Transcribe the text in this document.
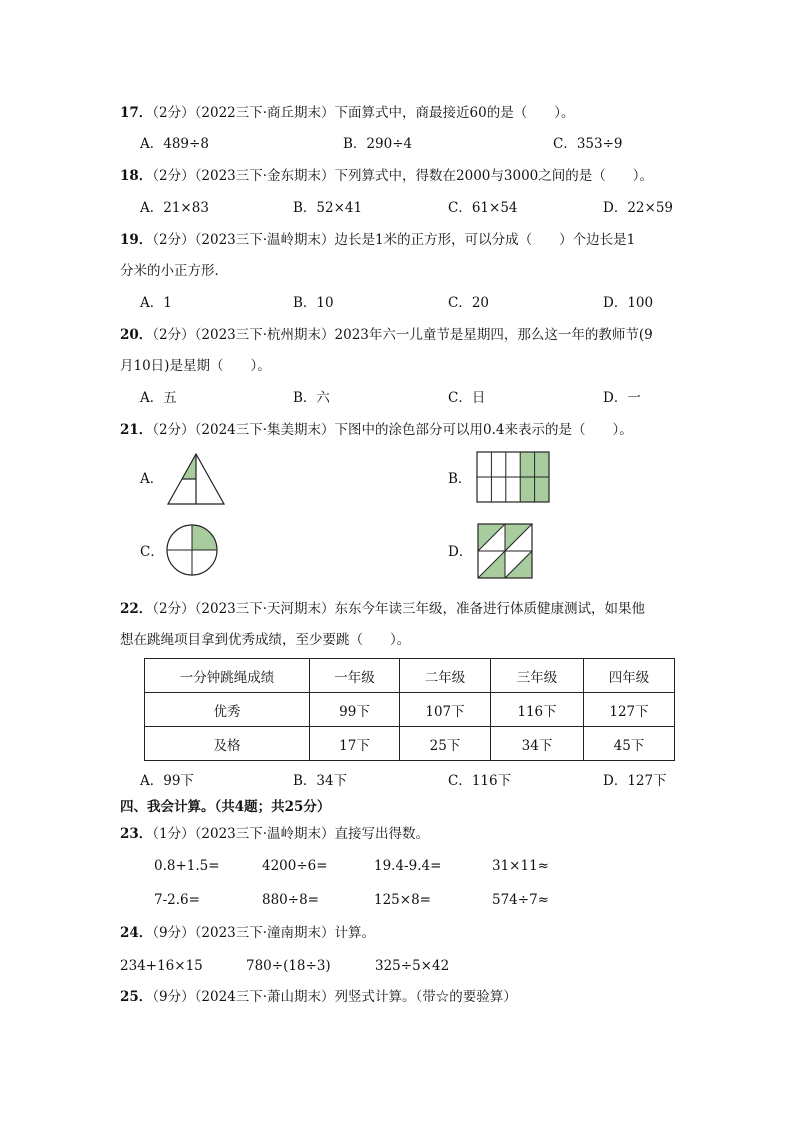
17．（2分）（2022三下·商丘期末）下面算式中，商最接近60的是（　　）。
A．489÷8	B．290÷4	C．353÷9
18．（2分）（2023三下·金东期末）下列算式中，得数在2000与3000之间的是（　　）。
A．21×83	B．52×41	C．61×54	D．22×59
19．（2分）（2023三下·温岭期末）边长是1米的正方形，可以分成（　　）个边长是1
分米的小正方形．
A．1	B．10	C．20	D．100
20．（2分）（2023三下·杭州期末）2023年六一儿童节是星期四，那么这一年的教师节(9
月10日)是星期（　　）。
A．五	B．六	C．日	D．一
21．（2分）（2024三下·集美期末）下图中的涂色部分可以用0.4来表示的是（　　）。
A．	B．
C．	D．
22．（2分）（2023三下·天河期末）东东今年读三年级，准备进行体质健康测试，如果他
想在跳绳项目拿到优秀成绩，至少要跳（　　）。
一分钟跳绳成绩	一年级	二年级	三年级	四年级
优秀	99下	107下	116下	127下
及格	17下	25下	34下	45下
A．99下	B．34下	C．116下	D．127下
四、我会计算。（共4题；共25分）
23．（1分）（2023三下·温岭期末）直接写出得数。
0.8+1.5=	4200÷6=	19.4-9.4=	31×11≈
7-2.6=	880÷8=	125×8=	574÷7≈
24．（9分）（2023三下·潼南期末）计算。
234+16×15	780÷(18÷3)	325÷5×42
25．（9分）（2024三下·萧山期末）列竖式计算。（带☆的要验算）
